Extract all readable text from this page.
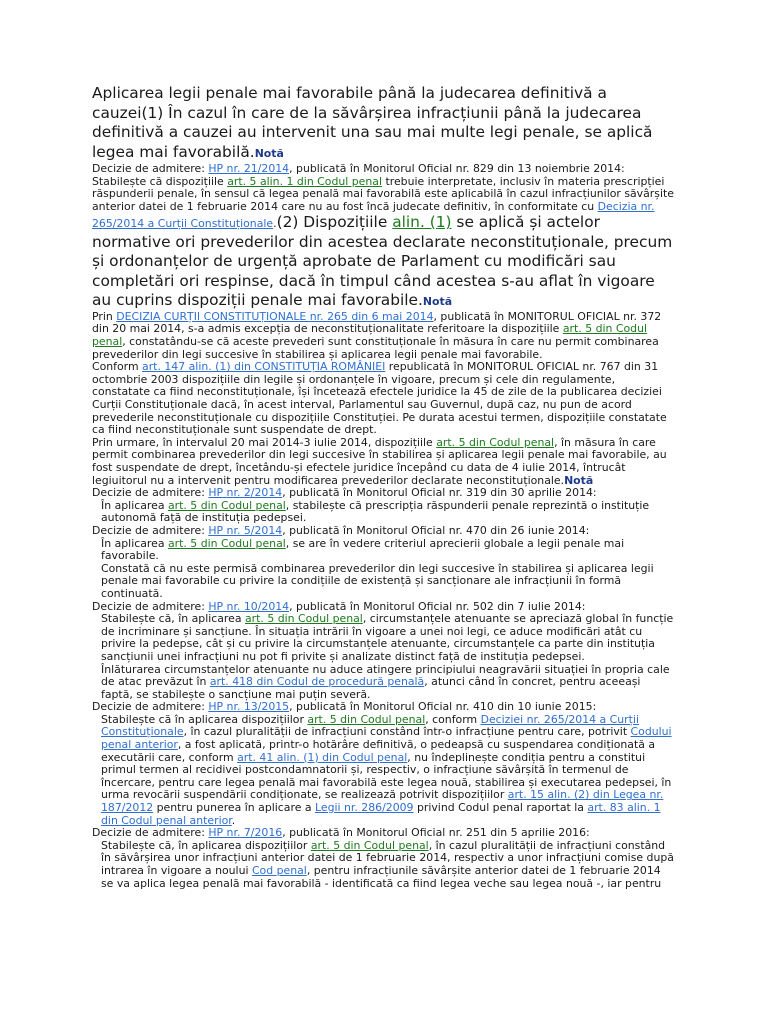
Aplicarea legii penale mai favorabile până la judecarea definitivă a cauzei(1) În cazul în care de la săvârșirea infracțiunii până la judecarea definitivă a cauzei au intervenit una sau mai multe legi penale, se aplică legea mai favorabilă.Notă
Decizie de admitere: HP nr. 21/2014, publicată în Monitorul Oficial nr. 829 din 13 noiembrie 2014:
Stabilește că dispozițiile art. 5 alin. 1 din Codul penal trebuie interpretate, inclusiv în materia prescripției răspunderii penale, în sensul că legea penală mai favorabilă este aplicabilă în cazul infracțiunilor săvârșite anterior datei de 1 februarie 2014 care nu au fost încă judecate definitiv, în conformitate cu Decizia nr. 265/2014 a Curții Constituționale.(2) Dispozițiile alin. (1) se aplică și actelor normative ori prevederilor din acestea declarate neconstituționale, precum și ordonanțelor de urgență aprobate de Parlament cu modificări sau completări ori respinse, dacă în timpul când acestea s-au aflat în vigoare au cuprins dispoziții penale mai favorabile.Notă
Prin DECIZIA CURȚII CONSTITUȚIONALE nr. 265 din 6 mai 2014, publicată în MONITORUL OFICIAL nr. 372 din 20 mai 2014, s-a admis excepția de neconstituționalitate referitoare la dispozițiile art. 5 din Codul penal, constatându-se că aceste prevederi sunt constituționale în măsura în care nu permit combinarea prevederilor din legi succesive în stabilirea și aplicarea legii penale mai favorabile.
Conform art. 147 alin. (1) din CONSTITUȚIA ROMÂNIEI republicată în MONITORUL OFICIAL nr. 767 din 31 octombrie 2003 dispozițiile din legile și ordonanțele în vigoare, precum și cele din regulamente, constatate ca fiind neconstituționale, își încetează efectele juridice la 45 de zile de la publicarea deciziei Curții Constituționale dacă, în acest interval, Parlamentul sau Guvernul, după caz, nu pun de acord prevederile neconstituționale cu dispozițiile Constituției. Pe durata acestui termen, dispozițiile constatate ca fiind neconstituționale sunt suspendate de drept.
Prin urmare, în intervalul 20 mai 2014-3 iulie 2014, dispozițiile art. 5 din Codul penal, în măsura în care permit combinarea prevederilor din legi succesive în stabilirea și aplicarea legii penale mai favorabile, au fost suspendate de drept, încetându-și efectele juridice începând cu data de 4 iulie 2014, întrucât legiuitorul nu a intervenit pentru modificarea prevederilor declarate neconstituționale.Notă
Decizie de admitere: HP nr. 2/2014, publicată în Monitorul Oficial nr. 319 din 30 aprilie 2014:
În aplicarea art. 5 din Codul penal, stabilește că prescripția răspunderii penale reprezintă o instituție autonomă față de instituția pedepsei.
Decizie de admitere: HP nr. 5/2014, publicată în Monitorul Oficial nr. 470 din 26 iunie 2014:
În aplicarea art. 5 din Codul penal, se are în vedere criteriul aprecierii globale a legii penale mai favorabile.
Constată că nu este permisă combinarea prevederilor din legi succesive în stabilirea și aplicarea legii penale mai favorabile cu privire la condițiile de existență și sancționare ale infracțiunii în formă continuată.
Decizie de admitere: HP nr. 10/2014, publicată în Monitorul Oficial nr. 502 din 7 iulie 2014:
Stabilește că, în aplicarea art. 5 din Codul penal, circumstanțele atenuante se apreciază global în funcție de incriminare și sancțiune. În situația intrării în vigoare a unei noi legi, ce aduce modificări atât cu privire la pedepse, cât și cu privire la circumstanțele atenuante, circumstanțele ca parte din instituția sancțiunii unei infracțiuni nu pot fi privite și analizate distinct față de instituția pedepsei.
Înlăturarea circumstanțelor atenuante nu aduce atingere principiului neagravării situației în propria cale de atac prevăzut în art. 418 din Codul de procedură penală, atunci când în concret, pentru aceeași faptă, se stabilește o sancțiune mai puțin severă.
Decizie de admitere: HP nr. 13/2015, publicată în Monitorul Oficial nr. 410 din 10 iunie 2015:
Stabilește că în aplicarea dispozițiilor art. 5 din Codul penal, conform Deciziei nr. 265/2014 a Curții Constituționale, în cazul pluralității de infracțiuni constând într-o infracțiune pentru care, potrivit Codului penal anterior, a fost aplicată, printr-o hotărâre definitivă, o pedeapsă cu suspendarea condiționată a executării care, conform art. 41 alin. (1) din Codul penal, nu îndeplinește condiția pentru a constitui primul termen al recidivei postcondamnatorii și, respectiv, o infracțiune săvârșită în termenul de încercare, pentru care legea penală mai favorabilă este legea nouă, stabilirea și executarea pedepsei, în urma revocării suspendării condiționate, se realizează potrivit dispozițiilor art. 15 alin. (2) din Legea nr. 187/2012 pentru punerea în aplicare a Legii nr. 286/2009 privind Codul penal raportat la art. 83 alin. 1 din Codul penal anterior.
Decizie de admitere: HP nr. 7/2016, publicată în Monitorul Oficial nr. 251 din 5 aprilie 2016:
Stabilește că, în aplicarea dispozițiilor art. 5 din Codul penal, în cazul pluralității de infracțiuni constând în săvârșirea unor infracțiuni anterior datei de 1 februarie 2014, respectiv a unor infracțiuni comise după intrarea în vigoare a noului Cod penal, pentru infracțiunile săvârșite anterior datei de 1 februarie 2014 se va aplica legea penală mai favorabilă - identificată ca fiind legea veche sau legea nouă -, iar pentru
